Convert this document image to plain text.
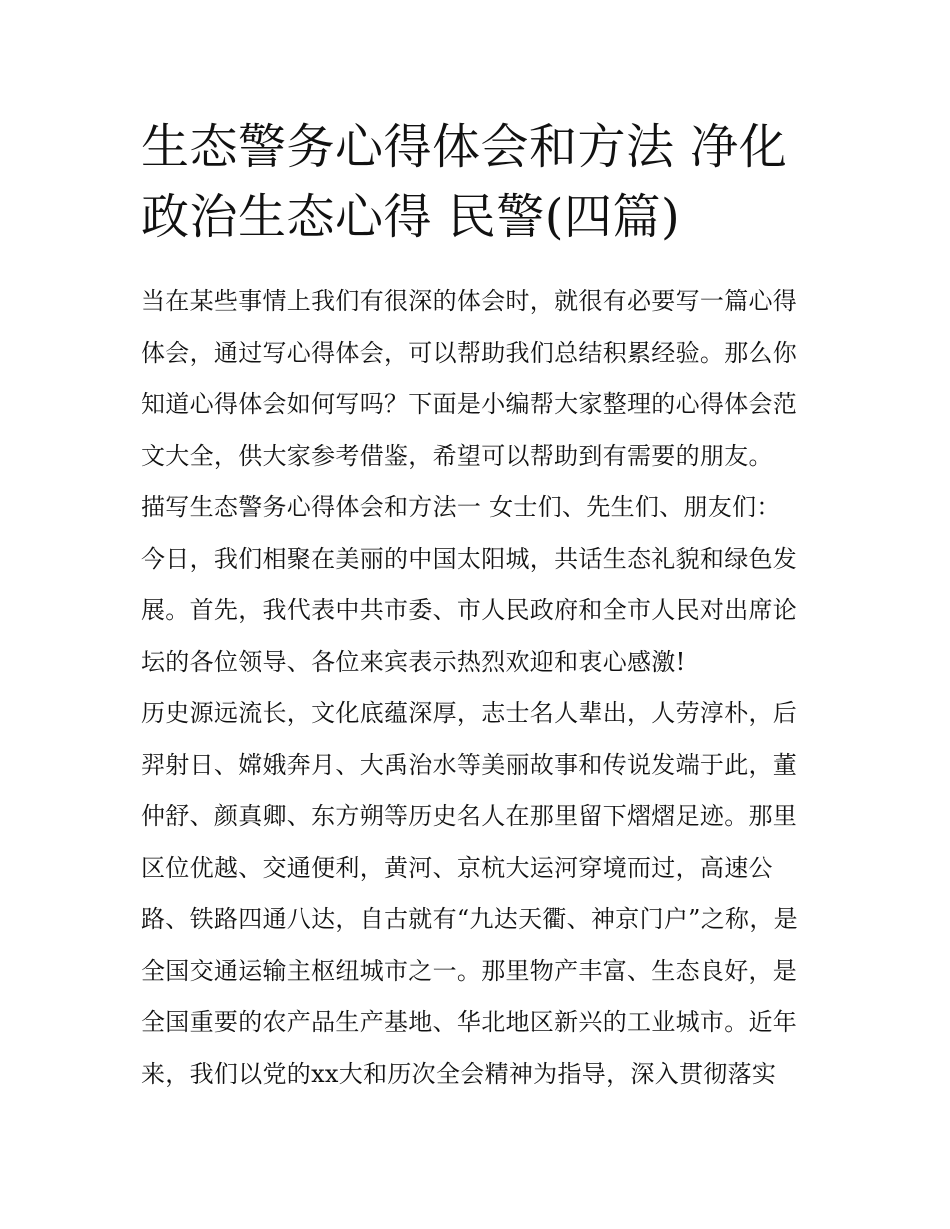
生态警务心得体会和方法 净化
政治生态心得 民警(四篇)
当在某些事情上我们有很深的体会时，就很有必要写一篇心得
体会，通过写心得体会，可以帮助我们总结积累经验。那么你
知道心得体会如何写吗？下面是小编帮大家整理的心得体会范
文大全，供大家参考借鉴，希望可以帮助到有需要的朋友。
描写生态警务心得体会和方法一 女士们、先生们、朋友们：
今日，我们相聚在美丽的中国太阳城，共话生态礼貌和绿色发
展。首先，我代表中共市委、市人民政府和全市人民对出席论
坛的各位领导、各位来宾表示热烈欢迎和衷心感激!
历史源远流长，文化底蕴深厚，志士名人辈出，人劳淳朴，后
羿射日、嫦娥奔月、大禹治水等美丽故事和传说发端于此，董
仲舒、颜真卿、东方朔等历史名人在那里留下熠熠足迹。那里
区位优越、交通便利，黄河、京杭大运河穿境而过，高速公
路、铁路四通八达，自古就有“九达天衢、神京门户”之称，是
全国交通运输主枢纽城市之一。那里物产丰富、生态良好，是
全国重要的农产品生产基地、华北地区新兴的工业城市。近年
来，我们以党的xx大和历次全会精神为指导，深入贯彻落实
